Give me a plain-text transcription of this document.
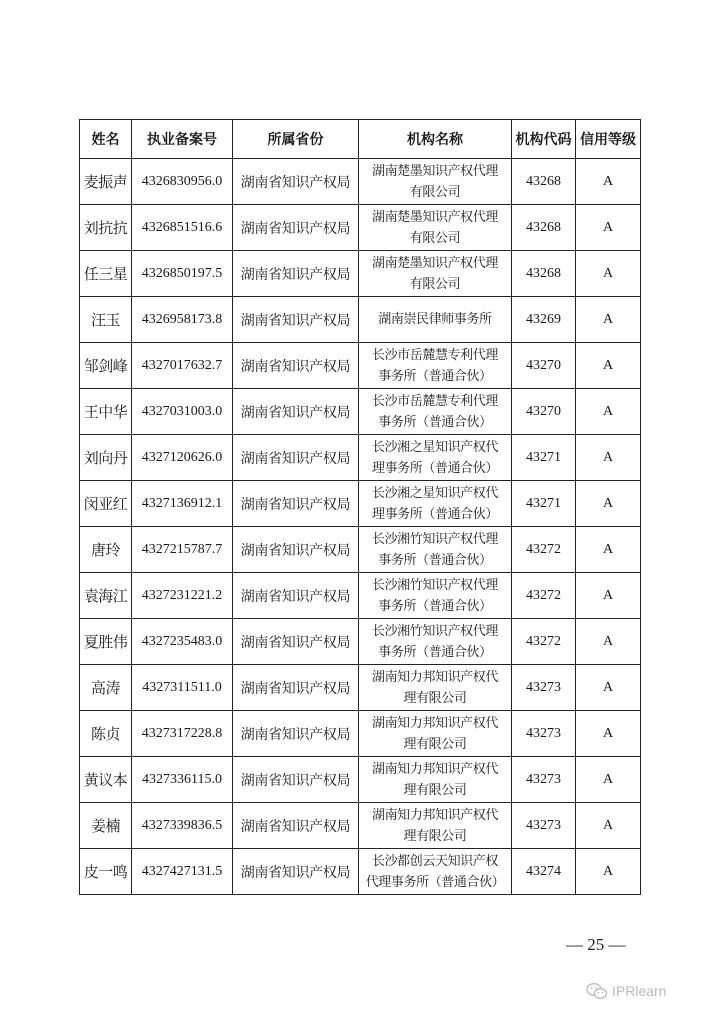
姓名	执业备案号	所属省份	机构名称	机构代码	信用等级
麦振声	4326830956.0	湖南省知识产权局	湖南楚墨知识产权代理
有限公司	43268	A
刘抗抗	4326851516.6	湖南省知识产权局	湖南楚墨知识产权代理
有限公司	43268	A
任三星	4326850197.5	湖南省知识产权局	湖南楚墨知识产权代理
有限公司	43268	A
汪玉	4326958173.8	湖南省知识产权局	湖南崇民律师事务所	43269	A
邹剑峰	4327017632.7	湖南省知识产权局	长沙市岳麓慧专利代理
事务所（普通合伙）	43270	A
王中华	4327031003.0	湖南省知识产权局	长沙市岳麓慧专利代理
事务所（普通合伙）	43270	A
刘向丹	4327120626.0	湖南省知识产权局	长沙湘之星知识产权代
理事务所（普通合伙）	43271	A
闵亚红	4327136912.1	湖南省知识产权局	长沙湘之星知识产权代
理事务所（普通合伙）	43271	A
唐玲	4327215787.7	湖南省知识产权局	长沙湘竹知识产权代理
事务所（普通合伙）	43272	A
袁海江	4327231221.2	湖南省知识产权局	长沙湘竹知识产权代理
事务所（普通合伙）	43272	A
夏胜伟	4327235483.0	湖南省知识产权局	长沙湘竹知识产权代理
事务所（普通合伙）	43272	A
高涛	4327311511.0	湖南省知识产权局	湖南知力邦知识产权代
理有限公司	43273	A
陈贞	4327317228.8	湖南省知识产权局	湖南知力邦知识产权代
理有限公司	43273	A
黄议本	4327336115.0	湖南省知识产权局	湖南知力邦知识产权代
理有限公司	43273	A
姜楠	4327339836.5	湖南省知识产权局	湖南知力邦知识产权代
理有限公司	43273	A
皮一鸣	4327427131.5	湖南省知识产权局	长沙都创云天知识产权
代理事务所（普通合伙）	43274	A
— 25 —
IPRlearn
